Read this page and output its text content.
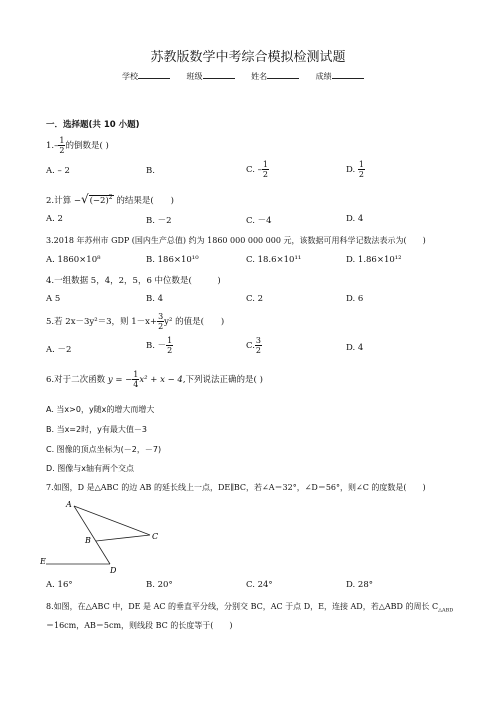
苏教版数学中考综合模拟检测试题
学校	班级	姓名	成绩
一．选择题(共 10 小题)
$1.- \frac{1}{2}$ 的倒数是( )
A. – 2	B.	C. – $\frac{1}{2}$	D. $\frac{1}{2}$
2.计算 $-√(-2)^2$ 的结果是(　　)
A. 2	B. －2	C. －4	D. 4
3.2018 年苏州市 GDP (国内生产总值) 约为 1860 000 000 000 元，该数据可用科学记数法表示为(　　)
A. 1860×10⁸	B. 186×10¹⁰	C. 18.6×10¹¹	D. 1.86×10¹²
4.一组数据 5，4，2，5，6 中位数是(　　　)
A 5	B. 4	C. 2	D. 6
5.若 2x－3y²＝3，则 $1-x+ \frac{3}{2} y^2$ 的值是(　　)
A. －2	B. － $\frac{1}{2}$	C. $\frac{3}{2}$	D. 4
6.对于二次函数 y = − $\frac{1}{4} x^2 + x - 4$,下列说法正确的是( )
A. 当x>0，y随x的增大而增大
B. 当x=2时，y有最大值－3
C. 图像的顶点坐标为(－2，－7)
D. 图像与x轴有两个交点
7.如图，D 是△ABC 的边 AB 的延长线上一点，DE∥BC，若∠A＝32°，∠D＝56°，则∠C 的度数是(　　)
A
B	C
D
E
A. 16°	B. 20°	C. 24°	D. 28°
8.如图，在△ABC 中，DE 是 AC 的垂直平分线，分别交 BC，AC 于点 D，E，连接 AD，若△ABD 的周长 $C_{\triangle ABD}$
＝16cm，AB＝5cm，则线段 BC 的长度等于(　　)
